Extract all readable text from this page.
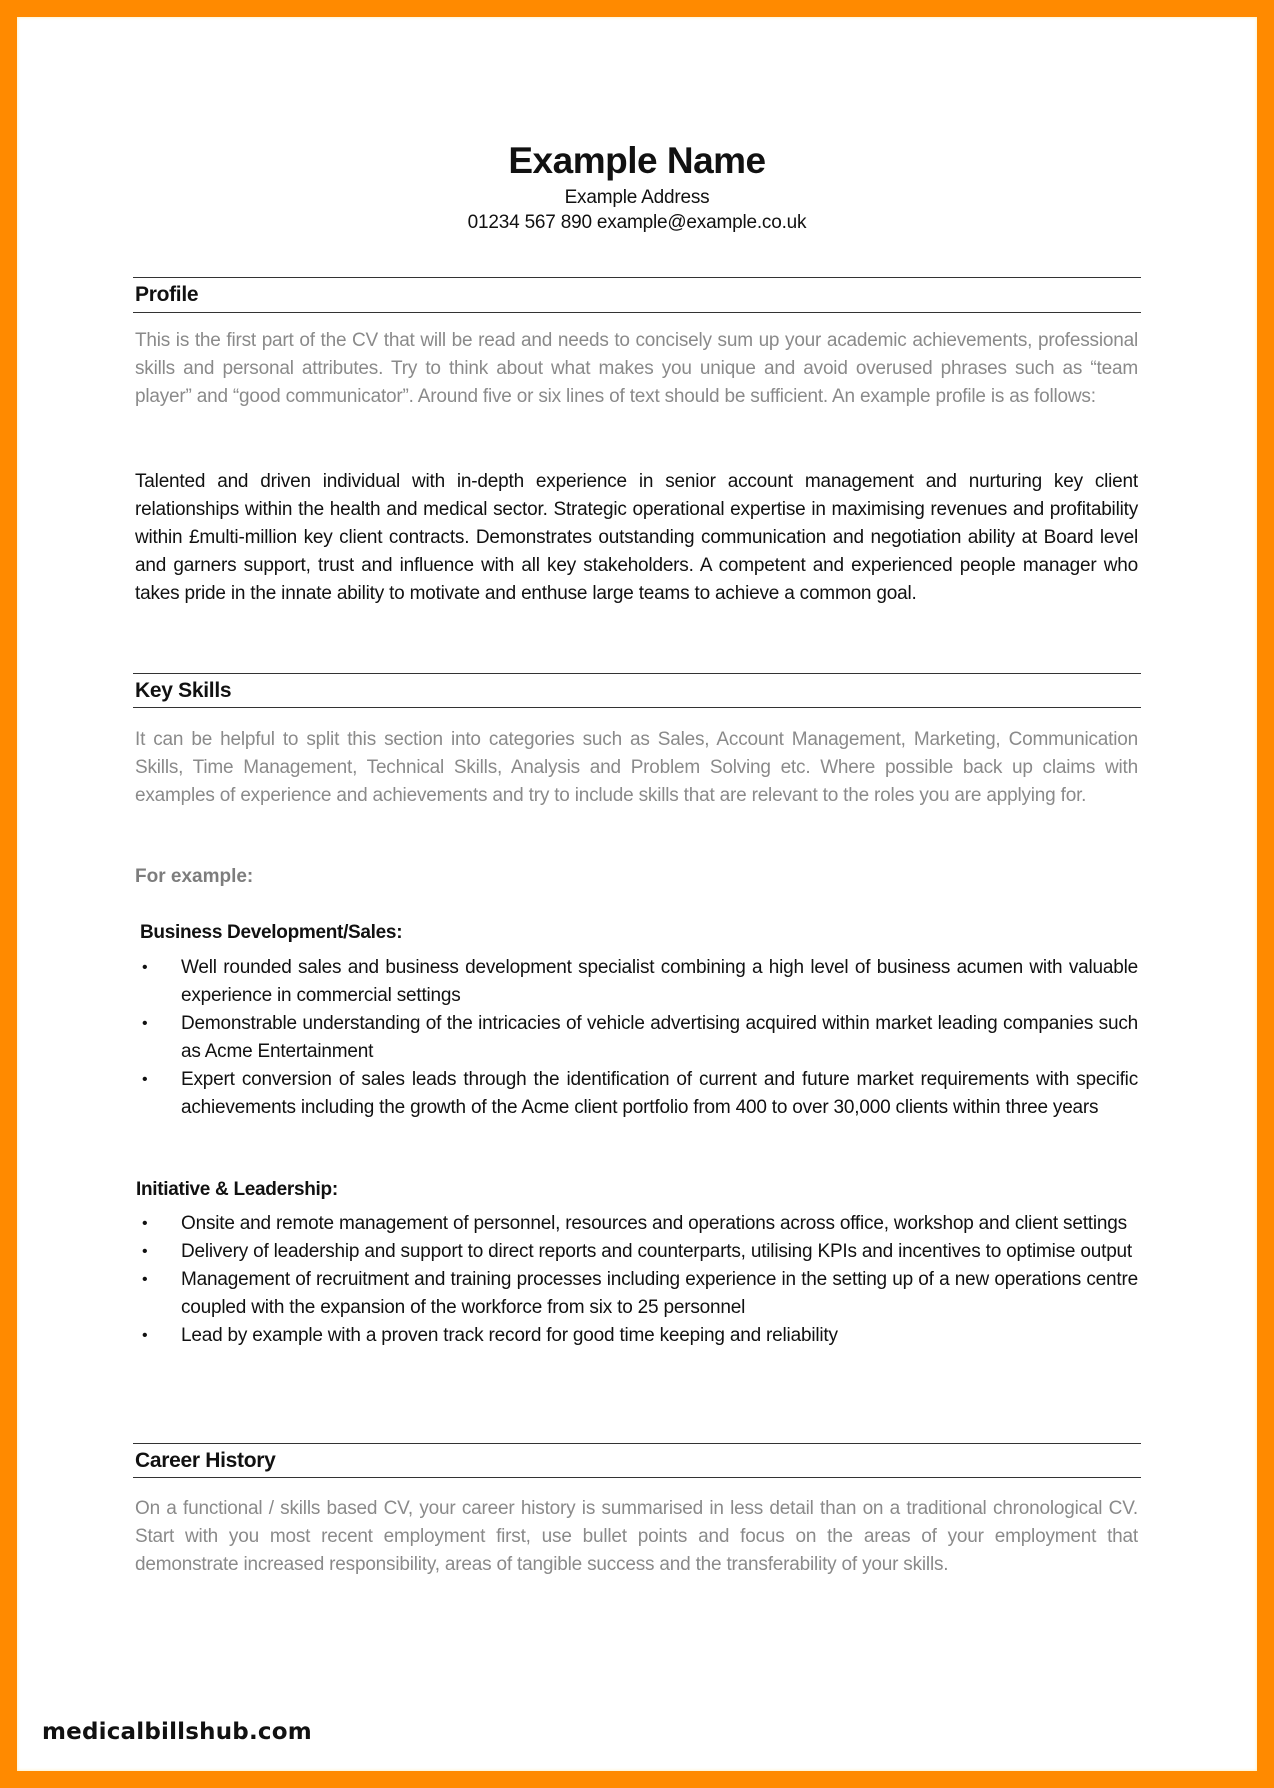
Example Name
Example Address
01234 567 890 example@example.co.uk
Profile
This is the first part of the CV that will be read and needs to concisely sum up your academic achievements, professional skills and personal attributes. Try to think about what makes you unique and avoid overused phrases such as “team player” and “good communicator”. Around five or six lines of text should be sufficient. An example profile is as follows:
Talented and driven individual with in-depth experience in senior account management and nurturing key client relationships within the health and medical sector. Strategic operational expertise in maximising revenues and profitability within £multi-million key client contracts. Demonstrates outstanding communication and negotiation ability at Board level and garners support, trust and influence with all key stakeholders. A competent and experienced people manager who takes pride in the innate ability to motivate and enthuse large teams to achieve a common goal.
Key Skills
It can be helpful to split this section into categories such as Sales, Account Management, Marketing, Communication Skills, Time Management, Technical Skills, Analysis and Problem Solving etc. Where possible back up claims with examples of experience and achievements and try to include skills that are relevant to the roles you are applying for.
For example:
Business Development/Sales:
• Well rounded sales and business development specialist combining a high level of business acumen with valuable experience in commercial settings
• Demonstrable understanding of the intricacies of vehicle advertising acquired within market leading companies such as Acme Entertainment
• Expert conversion of sales leads through the identification of current and future market requirements with specific achievements including the growth of the Acme client portfolio from 400 to over 30,000 clients within three years
Initiative & Leadership:
• Onsite and remote management of personnel, resources and operations across office, workshop and client settings
• Delivery of leadership and support to direct reports and counterparts, utilising KPIs and incentives to optimise output
• Management of recruitment and training processes including experience in the setting up of a new operations centre coupled with the expansion of the workforce from six to 25 personnel
• Lead by example with a proven track record for good time keeping and reliability
Career History
On a functional / skills based CV, your career history is summarised in less detail than on a traditional chronological CV. Start with you most recent employment first, use bullet points and focus on the areas of your employment that demonstrate increased responsibility, areas of tangible success and the transferability of your skills.
medicalbillshub.com
